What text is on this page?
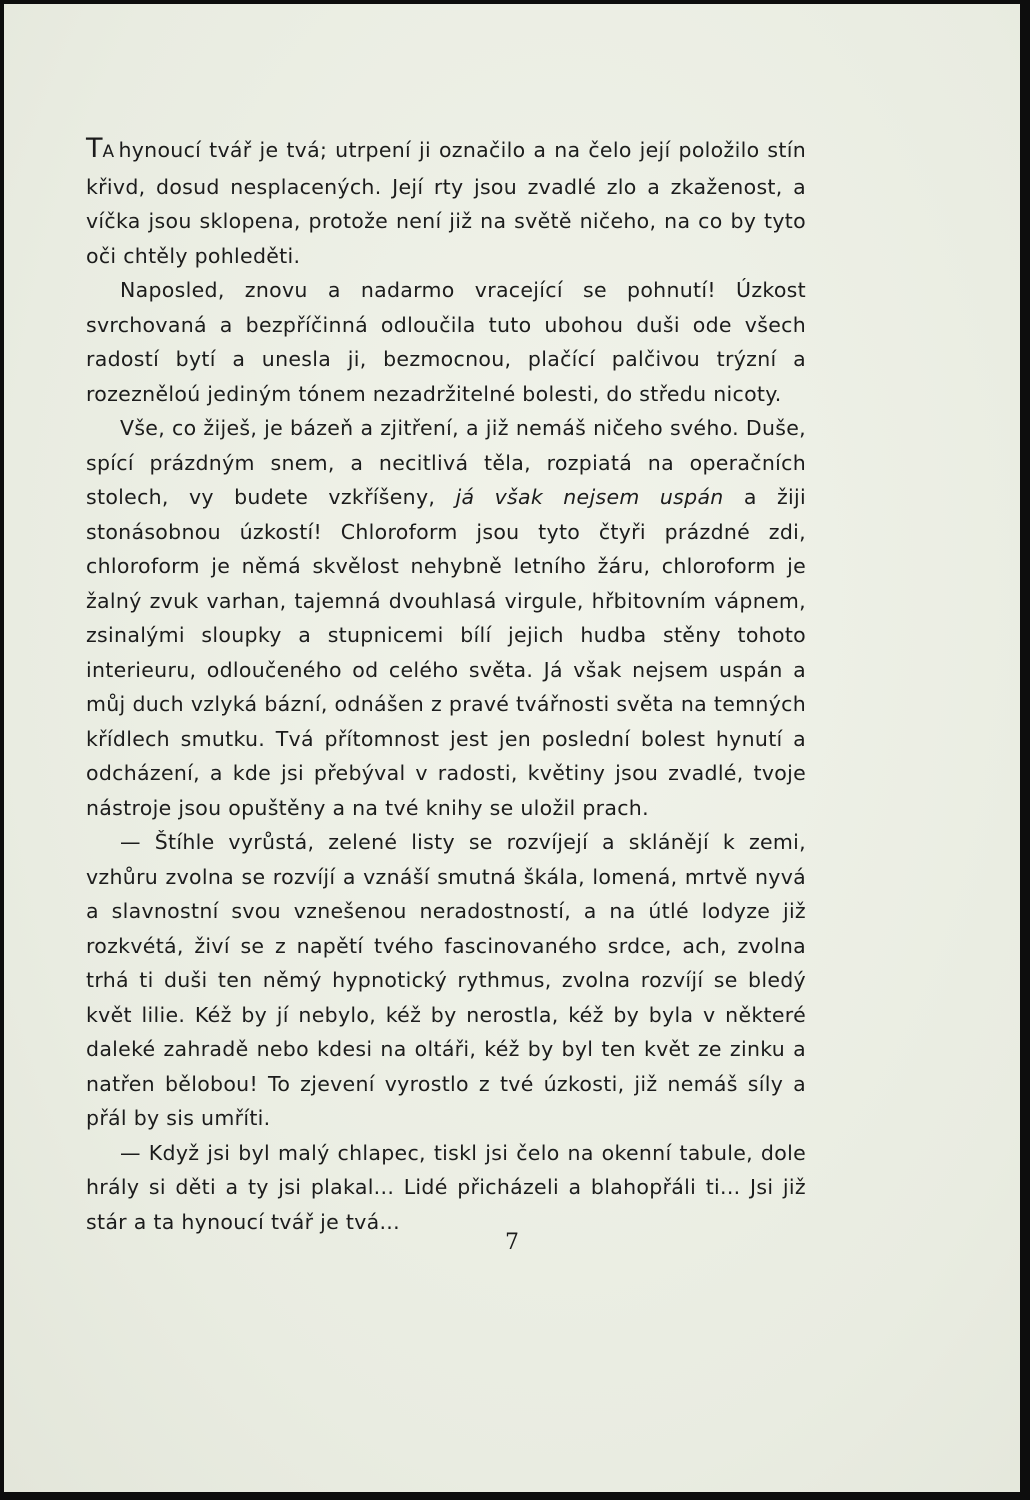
TA hynoucí tvář je tvá; utrpení ji označilo a na čelo její položilo stín křivd, dosud nesplacených. Její rty jsou zvadlé zlo a zkaženost, a víčka jsou sklopena, protože není již na světě ničeho, na co by tyto oči chtěly pohleděti.

Naposled, znovu a nadarmo vracející se pohnutí! Úzkost svrchovaná a bezpříčinná odloučila tuto ubohou duši ode všech radostí bytí a unesla ji, bezmocnou, plačící palčivou trýzní a rozezněloú jediným tónem nezadržitelné bolesti, do středu nicoty.

Vše, co žiješ, je bázeň a zjitření, a již nemáš ničeho svého. Duše, spící prázdným snem, a necitlivá těla, rozpiatá na operačních stolech, vy budete vzkříšeny, já však nejsem uspán a žiji stonásobnou úzkostí! Chloroform jsou tyto čtyři prázdné zdi, chloroform je němá skvělost nehybně letního žáru, chloroform je žalný zvuk varhan, tajemná dvouhlasá virgule, hřbitovním vápnem, zsinalými sloupky a stupnicemi bílí jejich hudba stěny tohoto interieuru, odloučeného od celého světa. Já však nejsem uspán a můj duch vzlyká bázní, odnášen z pravé tvářnosti světa na temných křídlech smutku. Tvá přítomnost jest jen poslední bolest hynutí a odcházení, a kde jsi přebýval v radosti, květiny jsou zvadlé, tvoje nástroje jsou opuštěny a na tvé knihy se uložil prach.

— Štíhle vyrůstá, zelené listy se rozvíjejí a sklánějí k zemi, vzhůru zvolna se rozvíjí a vznáší smutná škála, lomená, mrtvě nyvá a slavnostní svou vznešenou neradostností, a na útlé lodyze již rozkvétá, živí se z napětí tvého fascinovaného srdce, ach, zvolna trhá ti duši ten němý hypnotický rythmus, zvolna rozvíjí se bledý květ lilie. Kéž by jí nebylo, kéž by nerostla, kéž by byla v některé daleké zahradě nebo kdesi na oltáři, kéž by byl ten květ ze zinku a natřen bělobou! To zjevení vyrostlo z tvé úzkosti, již nemáš síly a přál by sis umříti.

— Když jsi byl malý chlapec, tiskl jsi čelo na okenní tabule, dole hrály si děti a ty jsi plakal... Lidé přicházeli a blahopřáli ti... Jsi již stár a ta hynoucí tvář je tvá...

7
